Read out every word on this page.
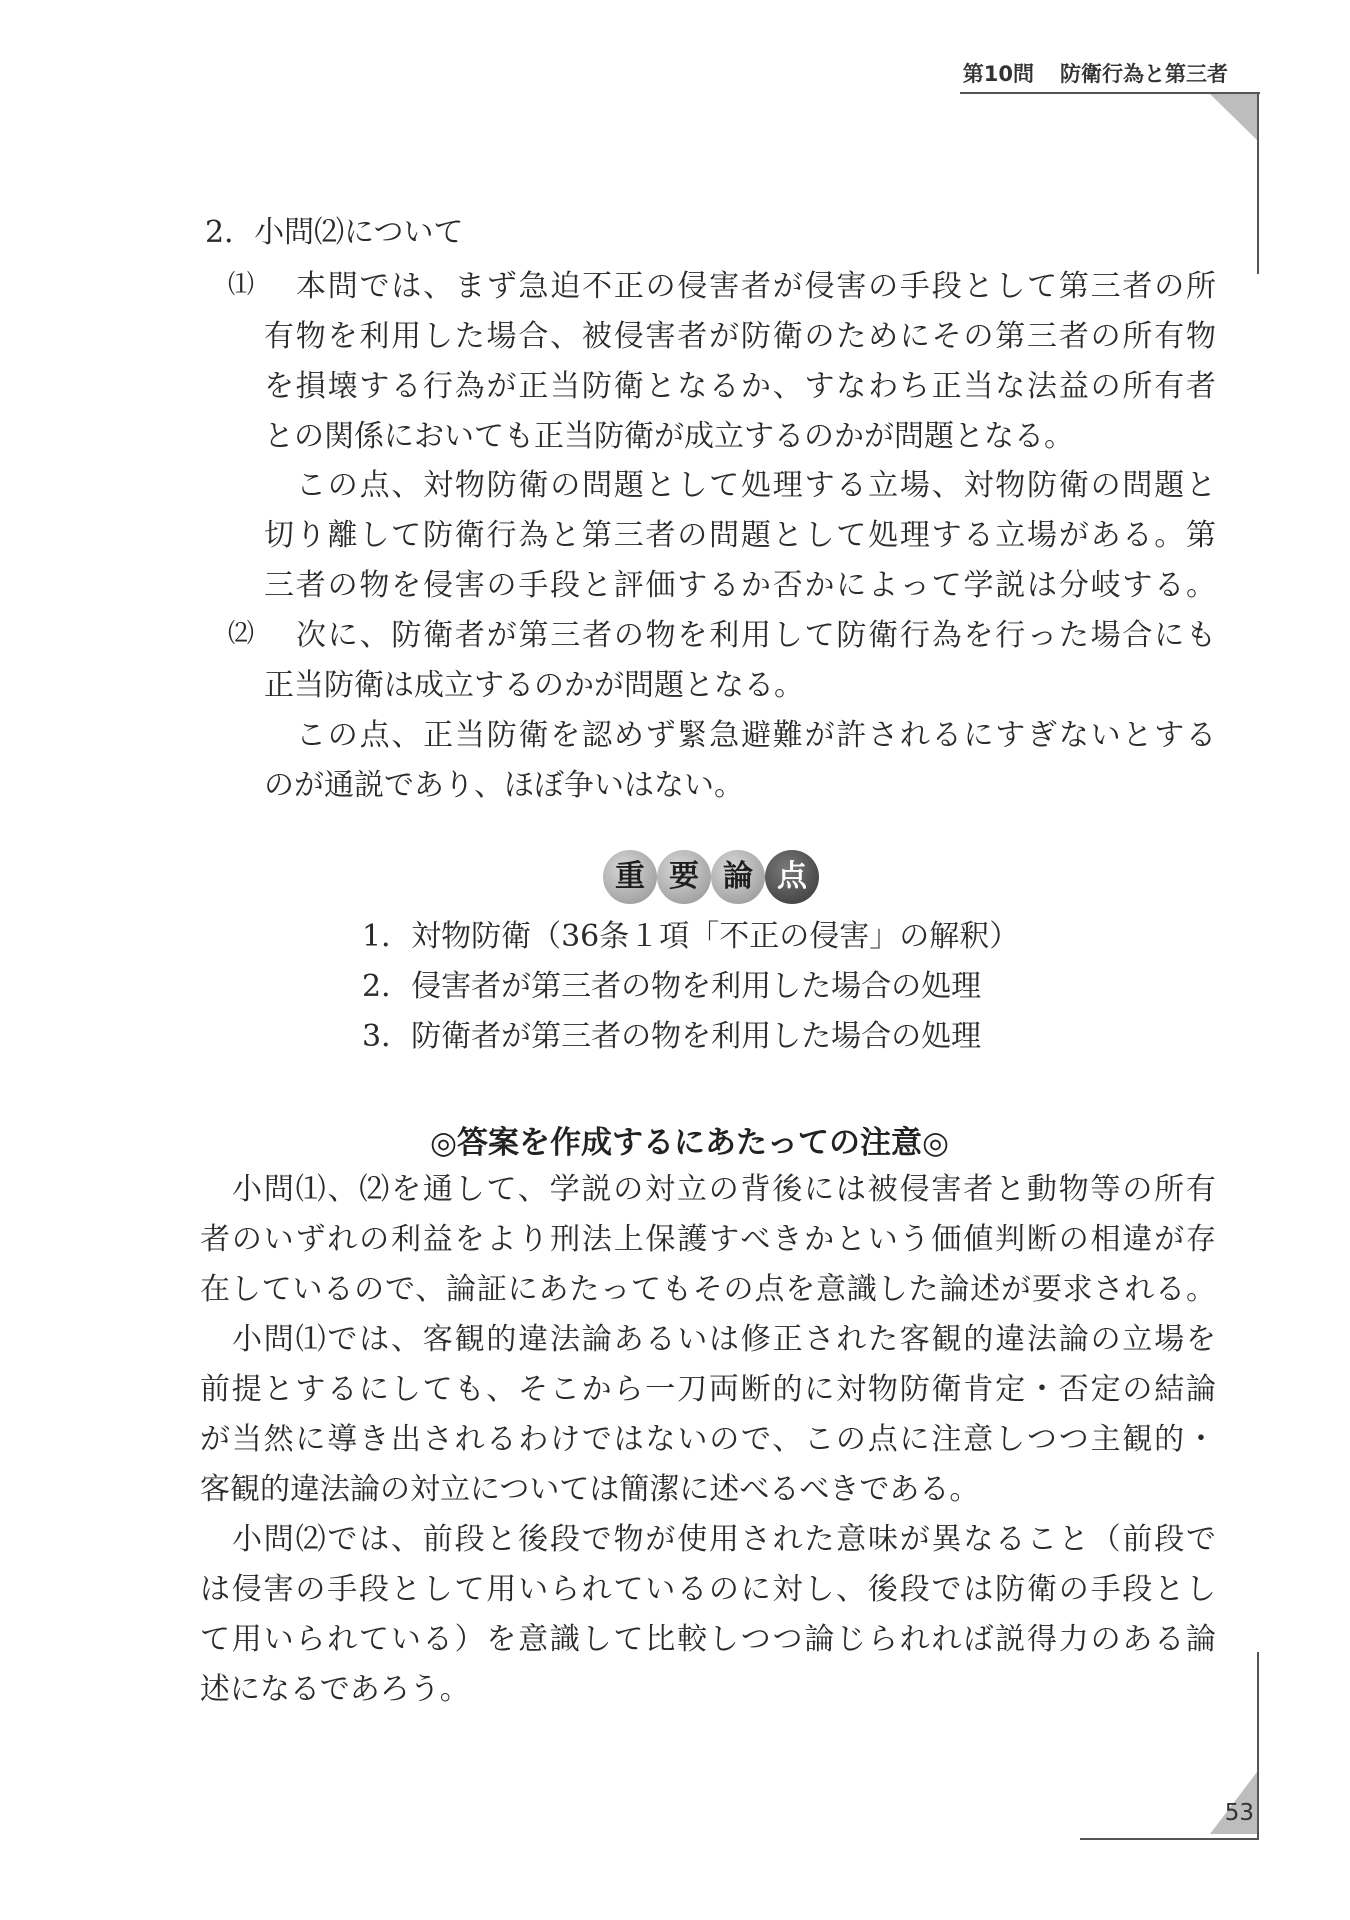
第10問 防衛行為と第三者
2．小問⑵について
⑴ 本問では、まず急迫不正の侵害者が侵害の手段として第三者の所
有物を利用した場合、被侵害者が防衛のためにその第三者の所有物
を損壊する行為が正当防衛となるか、すなわち正当な法益の所有者
との関係においても正当防衛が成立するのかが問題となる。
この点、対物防衛の問題として処理する立場、対物防衛の問題と
切り離して防衛行為と第三者の問題として処理する立場がある。第
三者の物を侵害の手段と評価するか否かによって学説は分岐する。
⑵ 次に、防衛者が第三者の物を利用して防衛行為を行った場合にも
正当防衛は成立するのかが問題となる。
この点、正当防衛を認めず緊急避難が許されるにすぎないとする
のが通説であり、ほぼ争いはない。
重 要 論 点
1．対物防衛（36条１項「不正の侵害」の解釈）
2．侵害者が第三者の物を利用した場合の処理
3．防衛者が第三者の物を利用した場合の処理
◎答案を作成するにあたっての注意◎
小問⑴、⑵を通して、学説の対立の背後には被侵害者と動物等の所有
者のいずれの利益をより刑法上保護すべきかという価値判断の相違が存
在しているので、論証にあたってもその点を意識した論述が要求される。
小問⑴では、客観的違法論あるいは修正された客観的違法論の立場を
前提とするにしても、そこから一刀両断的に対物防衛肯定・否定の結論
が当然に導き出されるわけではないので、この点に注意しつつ主観的・
客観的違法論の対立については簡潔に述べるべきである。
小問⑵では、前段と後段で物が使用された意味が異なること（前段で
は侵害の手段として用いられているのに対し、後段では防衛の手段とし
て用いられている）を意識して比較しつつ論じられれば説得力のある論
述になるであろう。
53
